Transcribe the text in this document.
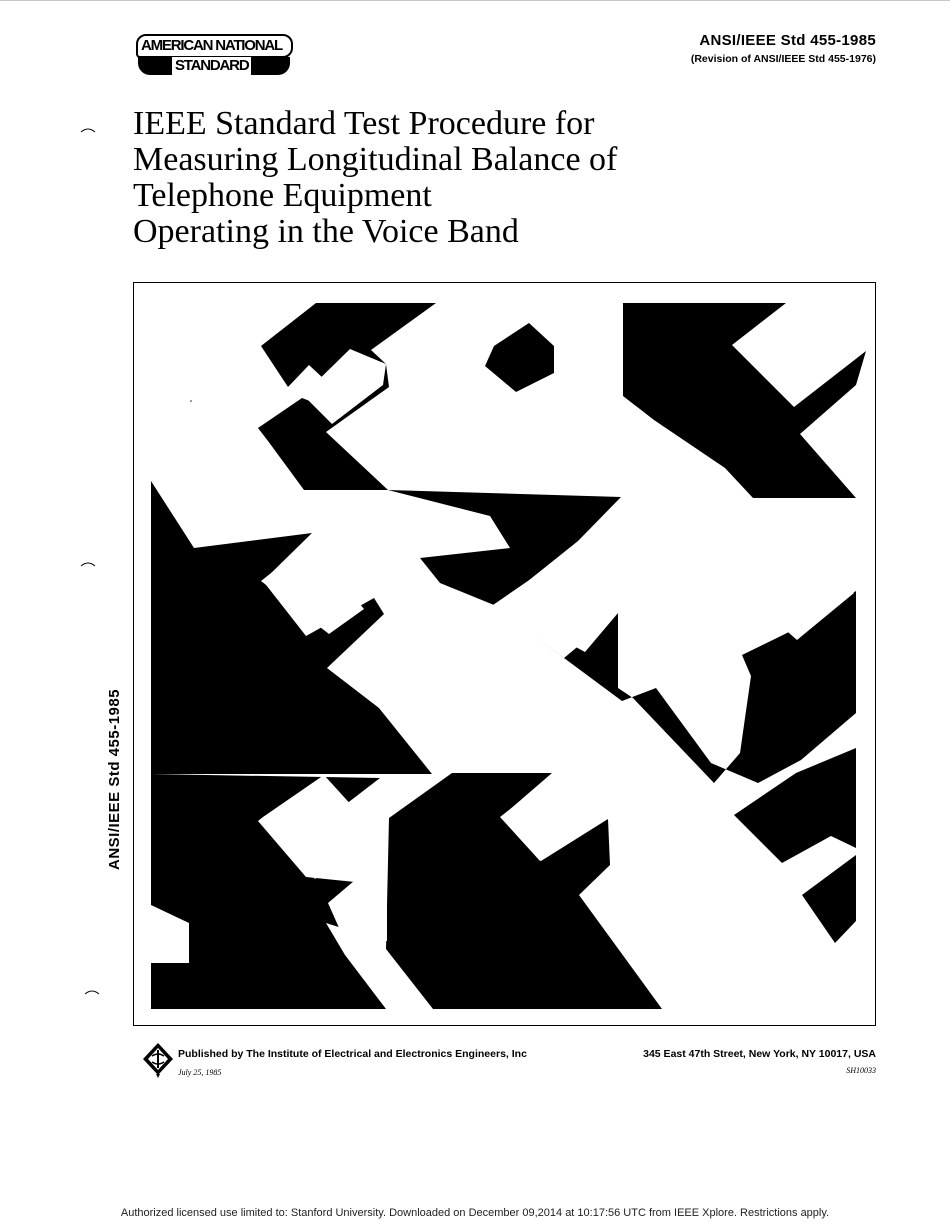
AMERICAN NATIONAL
STANDARD
ANSI/IEEE Std 455-1985
(Revision of ANSI/IEEE Std 455-1976)
IEEE Standard Test Procedure for
Measuring Longitudinal Balance of
Telephone Equipment
Operating in the Voice Band
ANSI/IEEE Std 455-1985
Published by The Institute of Electrical and Electronics Engineers, Inc	345 East 47th Street, New York, NY 10017, USA
July 25, 1985	SH10033
Authorized licensed use limited to: Stanford University. Downloaded on December 09,2014 at 10:17:56 UTC from IEEE Xplore. Restrictions apply.
